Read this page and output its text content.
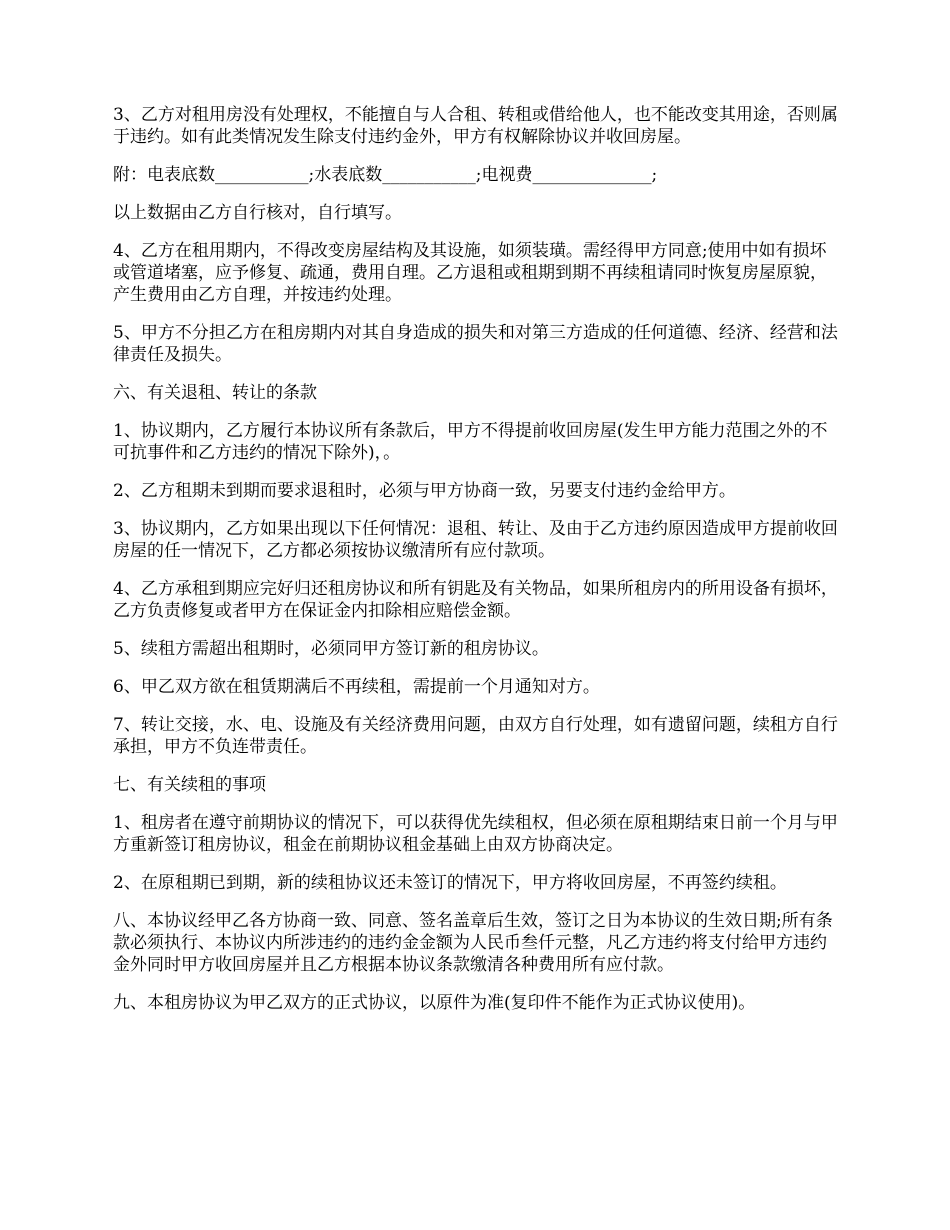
3、乙方对租用房没有处理权，不能擅自与人合租、转租或借给他人，也不能改变其用途，否则属于违约。如有此类情况发生除支付违约金外，甲方有权解除协议并收回房屋。

附：电表底数___________;水表底数___________;电视费______________;

以上数据由乙方自行核对，自行填写。

4、乙方在租用期内，不得改变房屋结构及其设施，如须装璜。需经得甲方同意;使用中如有损坏或管道堵塞，应予修复、疏通，费用自理。乙方退租或租期到期不再续租请同时恢复房屋原貌，产生费用由乙方自理，并按违约处理。

5、甲方不分担乙方在租房期内对其自身造成的损失和对第三方造成的任何道德、经济、经营和法律责任及损失。

六、有关退租、转让的条款

1、协议期内，乙方履行本协议所有条款后，甲方不得提前收回房屋(发生甲方能力范围之外的不可抗事件和乙方违约的情况下除外)，。

2、乙方租期未到期而要求退租时，必须与甲方协商一致，另要支付违约金给甲方。

3、协议期内，乙方如果出现以下任何情况：退租、转让、及由于乙方违约原因造成甲方提前收回房屋的任一情况下，乙方都必须按协议缴清所有应付款项。

4、乙方承租到期应完好归还租房协议和所有钥匙及有关物品，如果所租房内的所用设备有损坏，乙方负责修复或者甲方在保证金内扣除相应赔偿金额。

5、续租方需超出租期时，必须同甲方签订新的租房协议。

6、甲乙双方欲在租赁期满后不再续租，需提前一个月通知对方。

7、转让交接，水、电、设施及有关经济费用问题，由双方自行处理，如有遗留问题，续租方自行承担，甲方不负连带责任。

七、有关续租的事项

1、租房者在遵守前期协议的情况下，可以获得优先续租权，但必须在原租期结束日前一个月与甲方重新签订租房协议，租金在前期协议租金基础上由双方协商决定。

2、在原租期已到期，新的续租协议还未签订的情况下，甲方将收回房屋，不再签约续租。

八、本协议经甲乙各方协商一致、同意、签名盖章后生效，签订之日为本协议的生效日期;所有条款必须执行、本协议内所涉违约的违约金金额为人民币叁仟元整，凡乙方违约将支付给甲方违约金外同时甲方收回房屋并且乙方根据本协议条款缴清各种费用所有应付款。

九、本租房协议为甲乙双方的正式协议，以原件为准(复印件不能作为正式协议使用)。
